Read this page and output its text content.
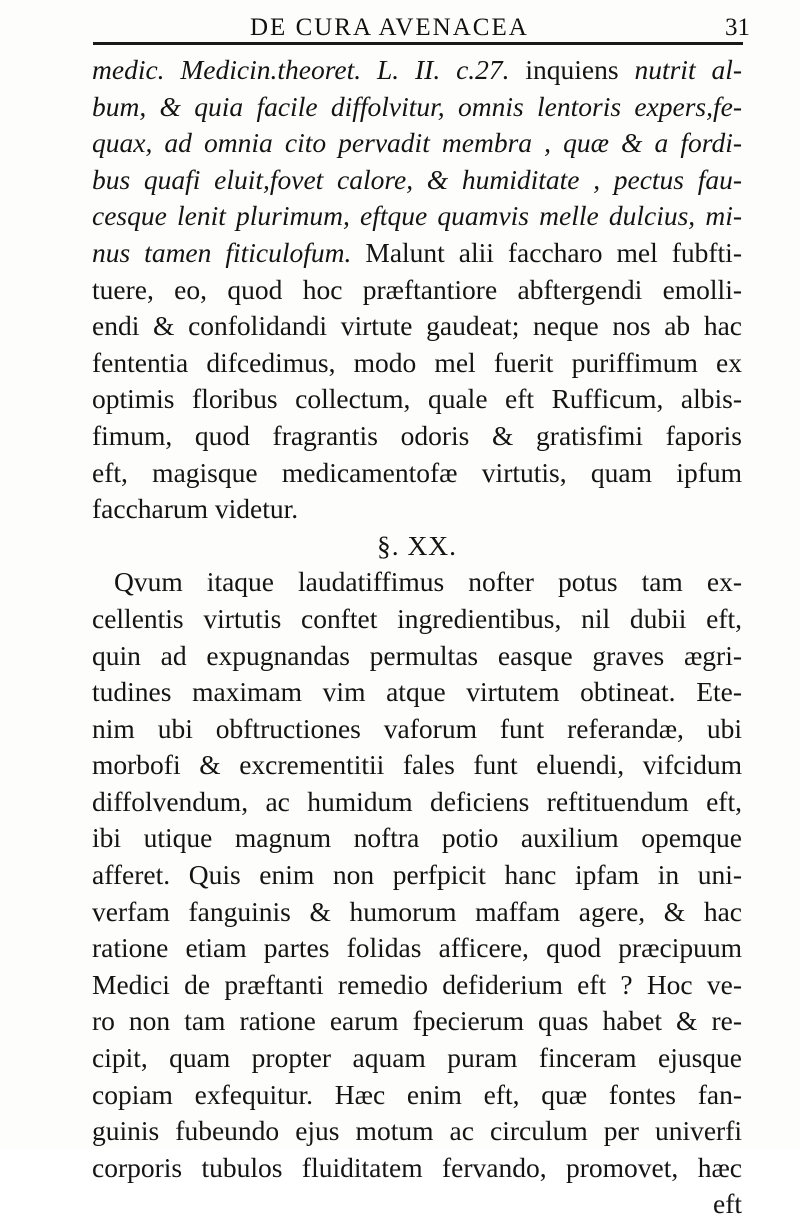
DE CURA AVENACEA	31
medic. Medicin.theoret. L. II. c.27. inquiens nutrit al-
bum, & quia facile diffolvitur, omnis lentoris expers,fe-
quax, ad omnia cito pervadit membra , quæ & a fordi-
bus quafi eluit,fovet calore, & humiditate , pectus fau-
cesque lenit plurimum, eftque quamvis melle dulcius, mi-
nus tamen fiticulofum. Malunt alii faccharo mel fubfti-
tuere, eo, quod hoc præftantiore abftergendi emolli-
endi & confolidandi virtute gaudeat; neque nos ab hac
fententia difcedimus, modo mel fuerit puriffimum ex
optimis floribus collectum, quale eft Rufficum, albis-
fimum, quod fragrantis odoris & gratisfimi faporis
eft, magisque medicamentofæ virtutis, quam ipfum
faccharum videtur.
§. XX.
Qvum itaque laudatiffimus nofter potus tam ex-
cellentis virtutis conftet ingredientibus, nil dubii eft,
quin ad expugnandas permultas easque graves ægri-
tudines maximam vim atque virtutem obtineat. Ete-
nim ubi obftructiones vaforum funt referandæ, ubi
morbofi & excrementitii fales funt eluendi, vifcidum
diffolvendum, ac humidum deficiens reftituendum eft,
ibi utique magnum noftra potio auxilium opemque
afferet. Quis enim non perfpicit hanc ipfam in uni-
verfam fanguinis & humorum maffam agere, & hac
ratione etiam partes folidas afficere, quod præcipuum
Medici de præftanti remedio defiderium eft ? Hoc ve-
ro non tam ratione earum fpecierum quas habet & re-
cipit, quam propter aquam puram finceram ejusque
copiam exfequitur. Hæc enim eft, quæ fontes fan-
guinis fubeundo ejus motum ac circulum per univerfi
corporis tubulos fluiditatem fervando, promovet, hæc
eft
